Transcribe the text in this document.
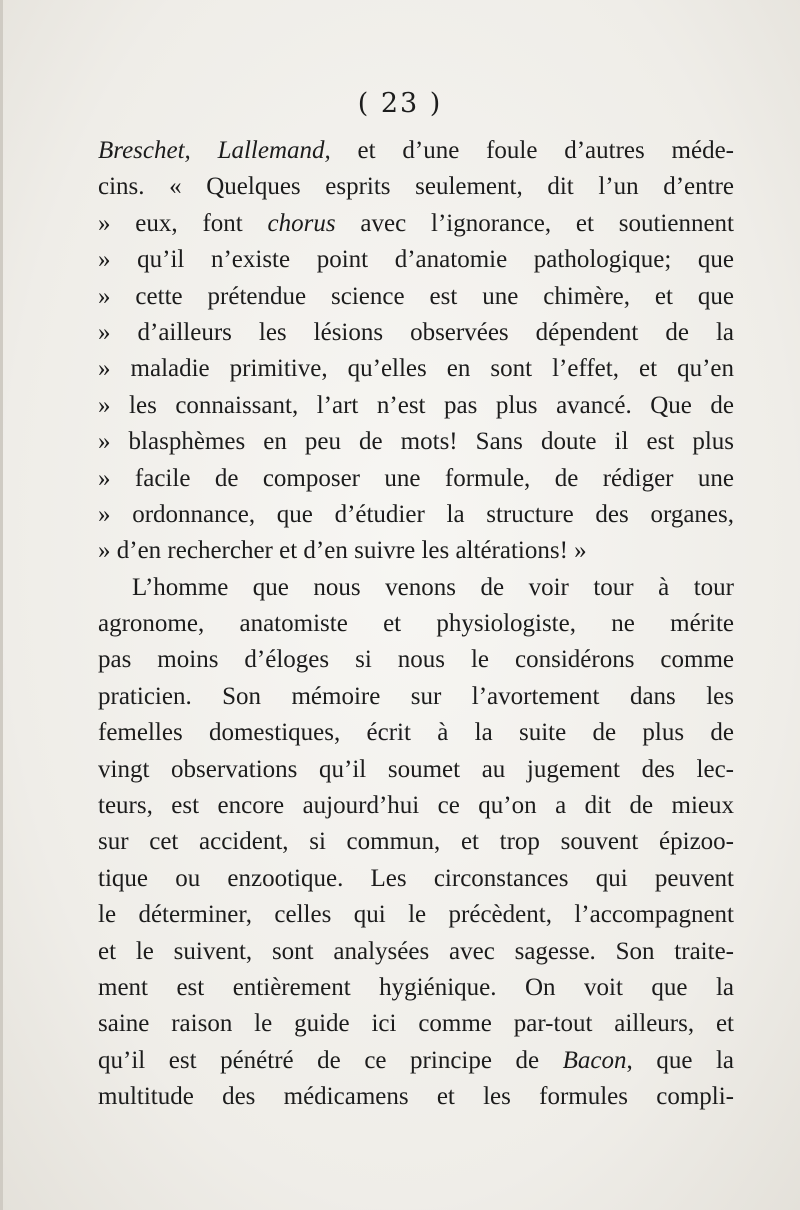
( 23 )
Breschet, Lallemand, et d’une foule d’autres méde-
cins. « Quelques esprits seulement, dit l’un d’entre
» eux, font chorus avec l’ignorance, et soutiennent
» qu’il n’existe point d’anatomie pathologique; que
» cette prétendue science est une chimère, et que
» d’ailleurs les lésions observées dépendent de la
» maladie primitive, qu’elles en sont l’effet, et qu’en
» les connaissant, l’art n’est pas plus avancé. Que de
» blasphèmes en peu de mots! Sans doute il est plus
» facile de composer une formule, de rédiger une
» ordonnance, que d’étudier la structure des organes,
» d’en rechercher et d’en suivre les altérations! »
L’homme que nous venons de voir tour à tour
agronome, anatomiste et physiologiste, ne mérite
pas moins d’éloges si nous le considérons comme
praticien. Son mémoire sur l’avortement dans les
femelles domestiques, écrit à la suite de plus de
vingt observations qu’il soumet au jugement des lec-
teurs, est encore aujourd’hui ce qu’on a dit de mieux
sur cet accident, si commun, et trop souvent épizoo-
tique ou enzootique. Les circonstances qui peuvent
le déterminer, celles qui le précèdent, l’accompagnent
et le suivent, sont analysées avec sagesse. Son traite-
ment est entièrement hygiénique. On voit que la
saine raison le guide ici comme par-tout ailleurs, et
qu’il est pénétré de ce principe de Bacon, que la
multitude des médicamens et les formules compli-
